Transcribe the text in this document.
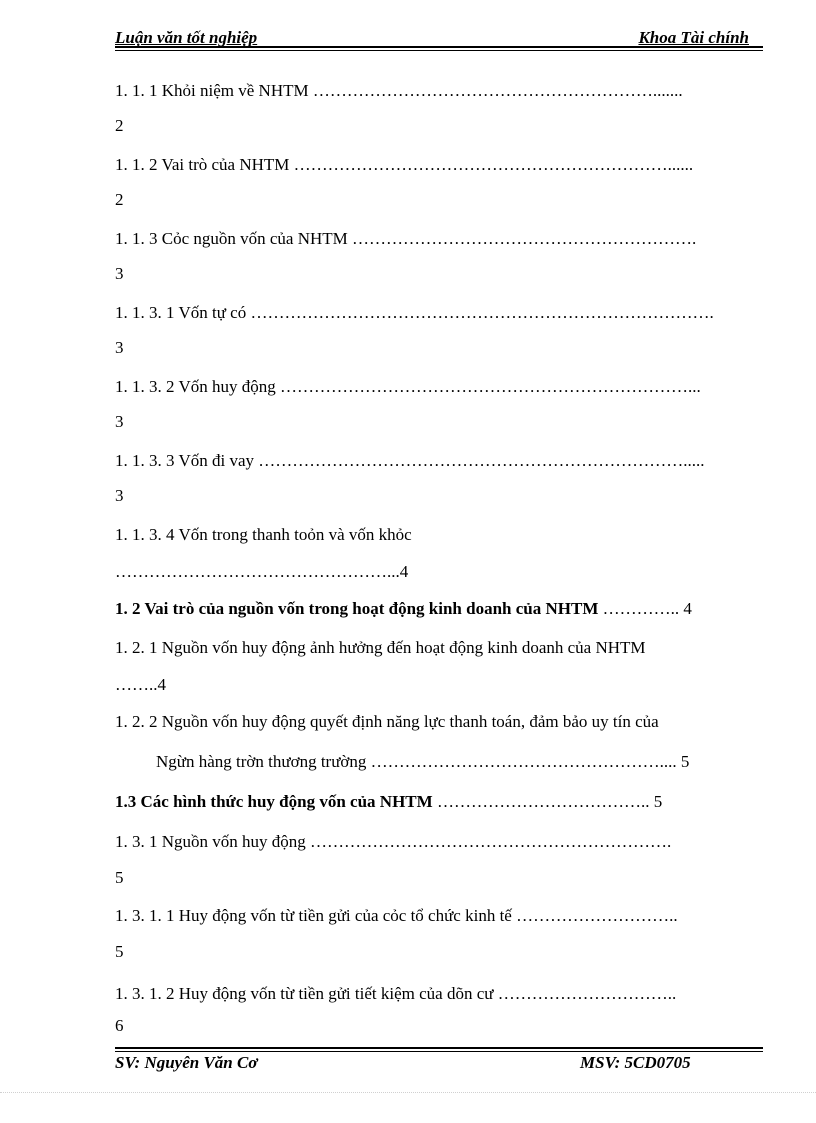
Luận văn tốt nghiệp	Khoa Tài chính
1. 1. 1 Khỏi niệm về NHTM …………………………………………………….......
2
1. 1. 2 Vai trò của NHTM …………………………………………………………......
2
1. 1. 3 Cỏc nguồn vốn của NHTM …………………………………………………….
3
1. 1. 3. 1 Vốn tự có ……………………………………………………………………….
3
1. 1. 3. 2 Vốn huy động ………………………………………………………………...
3
1. 1. 3. 3 Vốn đi vay ………………………………………………………………….....
3
1. 1. 3. 4 Vốn trong thanh toỏn và vốn khỏc
…………………………………………...4
1. 2 Vai trò của nguồn vốn trong hoạt động kinh doanh của NHTM ………….. 4
1. 2. 1 Nguồn vốn huy động ảnh hưởng đến hoạt động kinh doanh của NHTM
……..4
1. 2. 2 Nguồn vốn huy động quyết định năng lực thanh toán, đảm bảo uy tín của
Ngừn hàng trờn thương trường …………………………………………….... 5
1.3 Các hình thức huy động vốn của NHTM ……………………………….. 5
1. 3. 1 Nguồn vốn huy động ……………………………………………………….
5
1. 3. 1. 1 Huy động vốn từ tiền gửi của cỏc tổ chức kinh tế ………………………..
5
1. 3. 1. 2 Huy động vốn từ tiền gửi tiết kiệm của dõn cư …………………………..
6
SV: Nguyên Văn Cơ	MSV: 5CD0705
